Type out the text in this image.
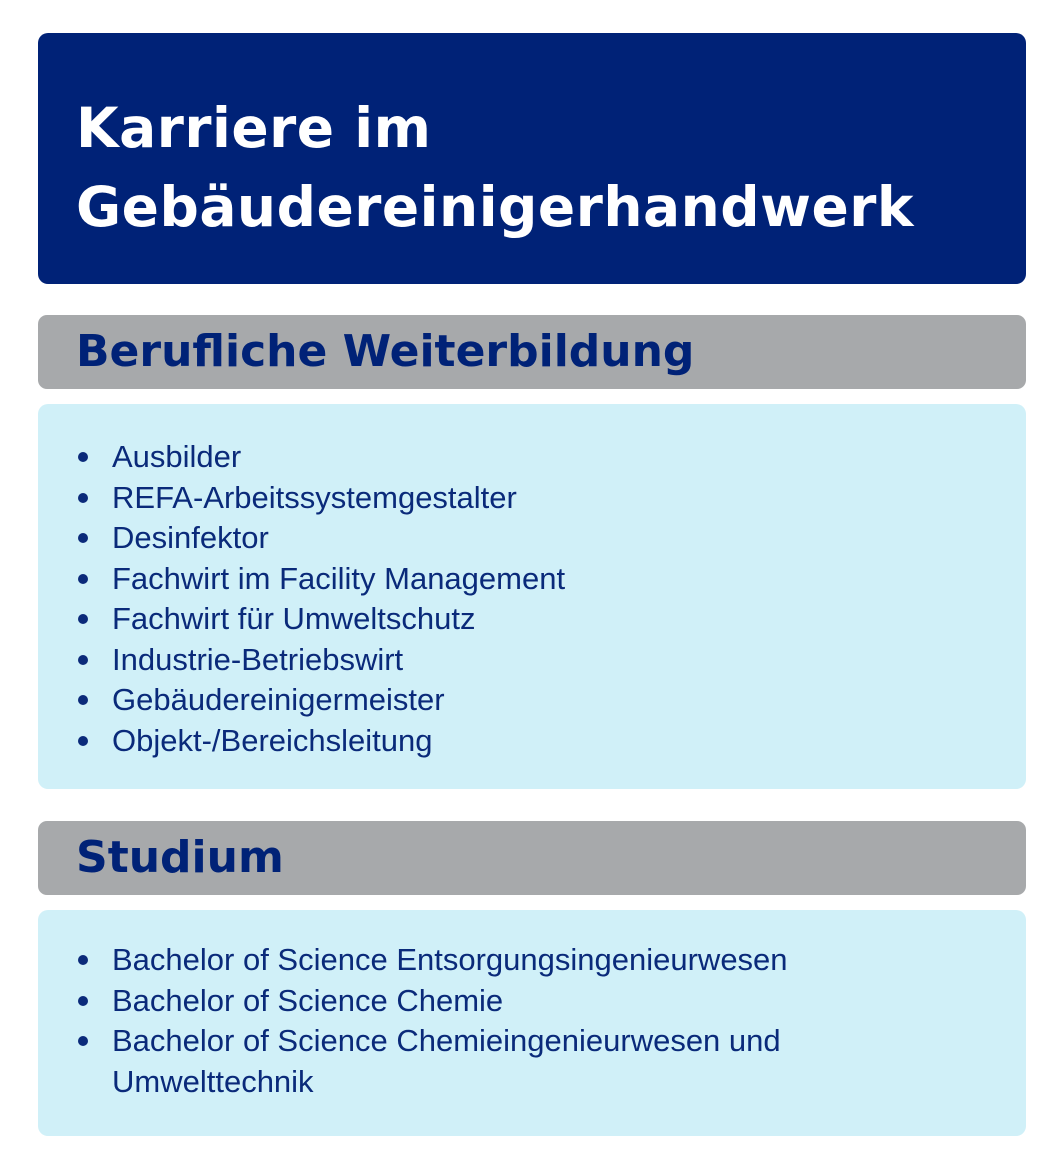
Karriere im
Gebäudereinigerhandwerk
Berufliche Weiterbildung
Ausbilder
REFA-Arbeitssystemgestalter
Desinfektor
Fachwirt im Facility Management
Fachwirt für Umweltschutz
Industrie-Betriebswirt
Gebäudereinigermeister
Objekt-/Bereichsleitung
Studium
Bachelor of Science Entsorgungsingenieurwesen
Bachelor of Science Chemie
Bachelor of Science Chemieingenieurwesen und Umwelttechnik
